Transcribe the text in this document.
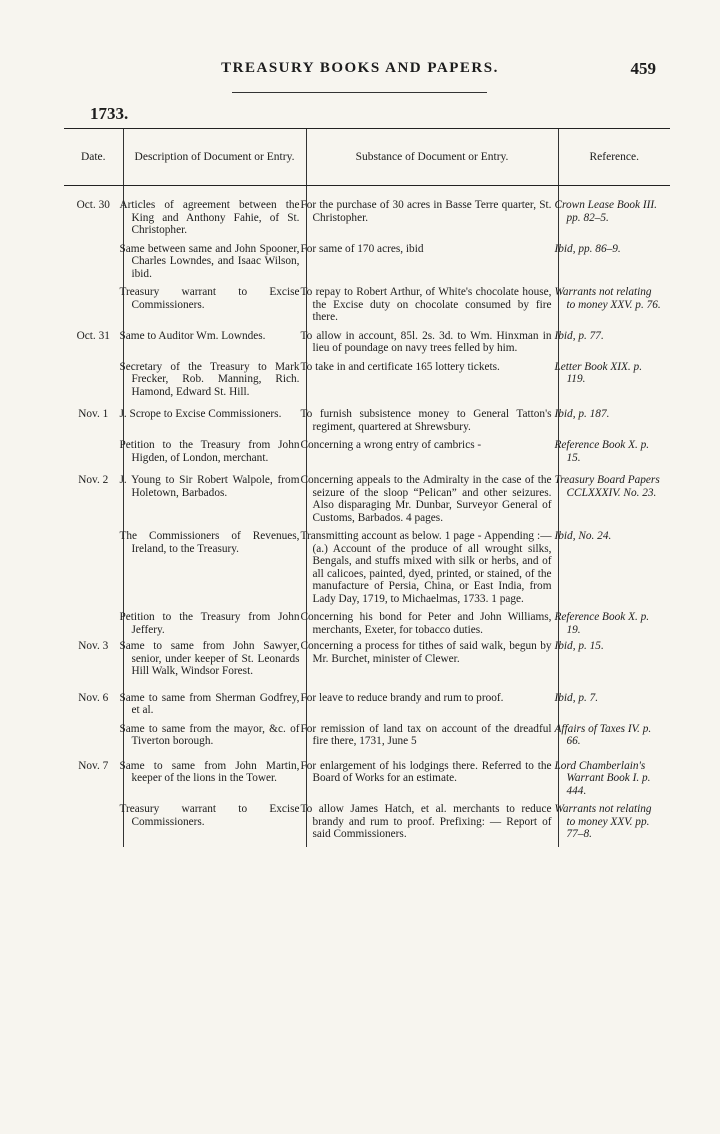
TREASURY BOOKS AND PAPERS.	459
1733.
Date.	Description of Document or Entry.	Substance of Document or Entry.	Reference.

Oct. 30	Articles of agreement between the King and Anthony Fahie, of St. Christopher.	For the purchase of 30 acres in Basse Terre quarter, St. Christopher.	Crown Lease Book III. pp. 82–5.

	Same between same and John Spooner, Charles Lowndes, and Isaac Wilson, ibid.	For same of 170 acres, ibid	Ibid, pp. 86–9.

	Treasury warrant to Excise Commissioners.	To repay to Robert Arthur, of White's chocolate house, the Excise duty on chocolate consumed by fire there.	Warrants not relating to money XXV. p. 76.

Oct. 31	Same to Auditor Wm. Lowndes.	To allow in account, 85l. 2s. 3d. to Wm. Hinxman in lieu of poundage on navy trees felled by him.	Ibid, p. 77.

	Secretary of the Treasury to Mark Frecker, Rob. Manning, Rich. Hamond, Edward St. Hill.	To take in and certificate 165 lottery tickets.	Letter Book XIX. p. 119.

Nov. 1	J. Scrope to Excise Commissioners.	To furnish subsistence money to General Tatton's regiment, quartered at Shrewsbury.	Ibid, p. 187.

	Petition to the Treasury from John Higden, of London, merchant.	Concerning a wrong entry of cambrics -	Reference Book X. p. 15.

Nov. 2	J. Young to Sir Robert Walpole, from Holetown, Barbados.	Concerning appeals to the Admiralty in the case of the seizure of the sloop “Pelican” and other seizures. Also disparaging Mr. Dunbar, Surveyor General of Customs, Barbados. 4 pages.	Treasury Board Papers CCLXXXIV. No. 23.

	The Commissioners of Revenues, Ireland, to the Treasury.	Transmitting account as below. 1 page - Appending :—(a.) Account of the produce of all wrought silks, Bengals, and stuffs mixed with silk or herbs, and of all calicoes, painted, dyed, printed, or stained, of the manufacture of Persia, China, or East India, from Lady Day, 1719, to Michaelmas, 1733. 1 page.	Ibid, No. 24.

	Petition to the Treasury from John Jeffery.	Concerning his bond for Peter and John Williams, merchants, Exeter, for tobacco duties.	Reference Book X. p. 19.

Nov. 3	Same to same from John Sawyer, senior, under keeper of St. Leonards Hill Walk, Windsor Forest.	Concerning a process for tithes of said walk, begun by Mr. Burchet, minister of Clewer.	Ibid, p. 15.

Nov. 6	Same to same from Sherman Godfrey, et al.	For leave to reduce brandy and rum to proof.	Ibid, p. 7.

	Same to same from the mayor, &c. of Tiverton borough.	For remission of land tax on account of the dreadful fire there, 1731, June 5	Affairs of Taxes IV. p. 66.

Nov. 7	Same to same from John Martin, keeper of the lions in the Tower.	For enlargement of his lodgings there. Referred to the Board of Works for an estimate.	Lord Chamberlain's Warrant Book I. p. 444.

	Treasury warrant to Excise Commissioners.	To allow James Hatch, et al. merchants to reduce brandy and rum to proof. Prefixing: — Report of said Commissioners.	Warrants not relating to money XXV. pp. 77–8.
